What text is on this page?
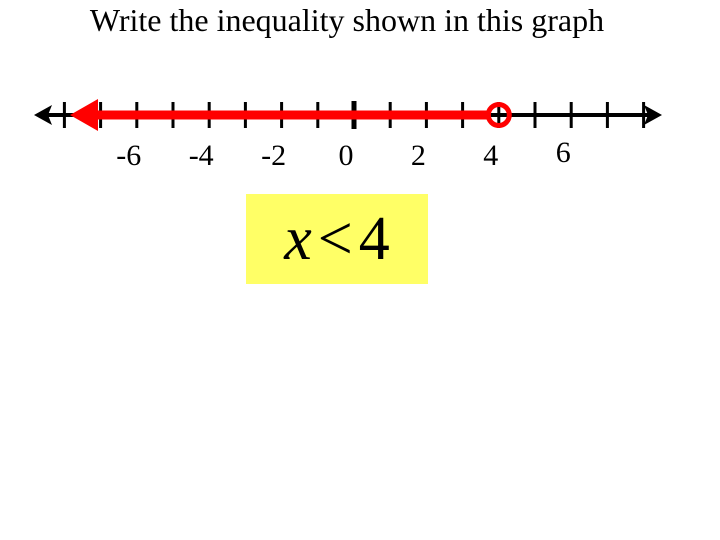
Write the inequality shown in this graph
-6 -4 -2 0 2 4 6
x<4
